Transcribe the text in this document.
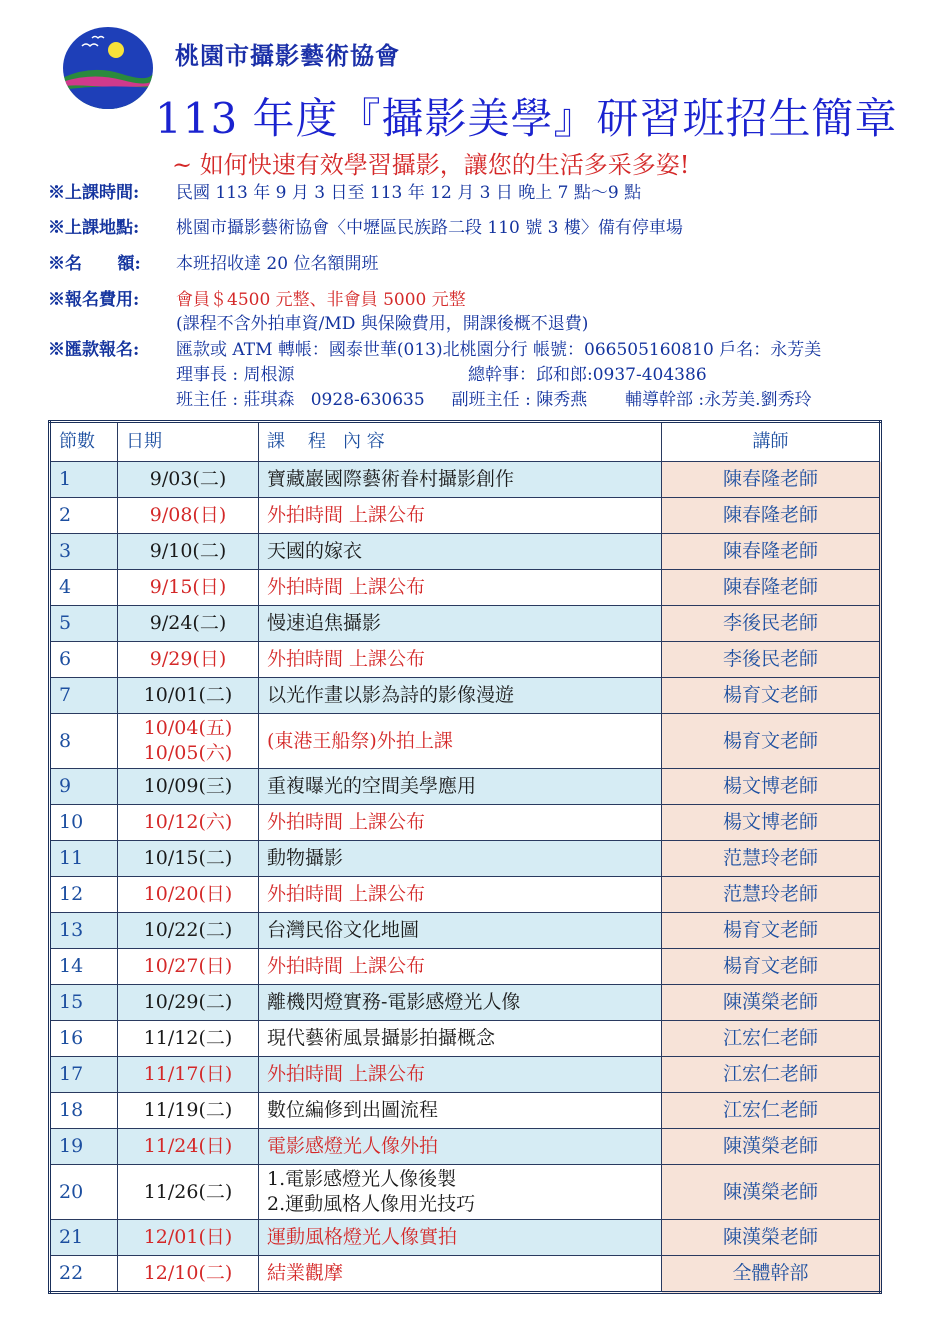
桃園市攝影藝術協會
113 年度『攝影美學』研習班招生簡章
~ 如何快速有效學習攝影，讓您的生活多采多姿!
※上課時間: 民國 113 年 9 月 3 日至 113 年 12 月 3 日 晚上 7 點～9 點
※上課地點: 桃園市攝影藝術協會〈中壢區民族路二段 110 號 3 樓〉備有停車場
※名      額: 本班招收達 20 位名額開班
※報名費用: 會員＄4500 元整、非會員 5000 元整
(課程不含外拍車資/MD 與保險費用，開課後概不退費)
※匯款報名: 匯款或 ATM 轉帳：國泰世華(013)北桃園分行 帳號：066505160810 戶名：永芳美
理事長 : 周根源	總幹事：邱和郎:0937-404386
班主任 : 莊琪森   0928-630635     副班主任 : 陳秀燕       輔導幹部 :永芳美.劉秀玲
節數	日期	課    程   內 容	講師
1	9/03(二)	寶藏巖國際藝術眷村攝影創作	陳春隆老師
2	9/08(日)	外拍時間 上課公布	陳春隆老師
3	9/10(二)	天國的嫁衣	陳春隆老師
4	9/15(日)	外拍時間 上課公布	陳春隆老師
5	9/24(二)	慢速追焦攝影	李後民老師
6	9/29(日)	外拍時間 上課公布	李後民老師
7	10/01(二)	以光作畫以影為詩的影像漫遊	楊育文老師
8	10/04(五)
10/05(六)	(東港王船祭)外拍上課	楊育文老師
9	10/09(三)	重複曝光的空間美學應用	楊文博老師
10	10/12(六)	外拍時間 上課公布	楊文博老師
11	10/15(二)	動物攝影	范慧玲老師
12	10/20(日)	外拍時間 上課公布	范慧玲老師
13	10/22(二)	台灣民俗文化地圖	楊育文老師
14	10/27(日)	外拍時間 上課公布	楊育文老師
15	10/29(二)	離機閃燈實務-電影感燈光人像	陳漢榮老師
16	11/12(二)	現代藝術風景攝影拍攝概念	江宏仁老師
17	11/17(日)	外拍時間 上課公布	江宏仁老師
18	11/19(二)	數位編修到出圖流程	江宏仁老師
19	11/24(日)	電影感燈光人像外拍	陳漢榮老師
20	11/26(二)	1.電影感燈光人像後製
2.運動風格人像用光技巧	陳漢榮老師
21	12/01(日)	運動風格燈光人像實拍	陳漢榮老師
22	12/10(二)	結業觀摩	全體幹部
